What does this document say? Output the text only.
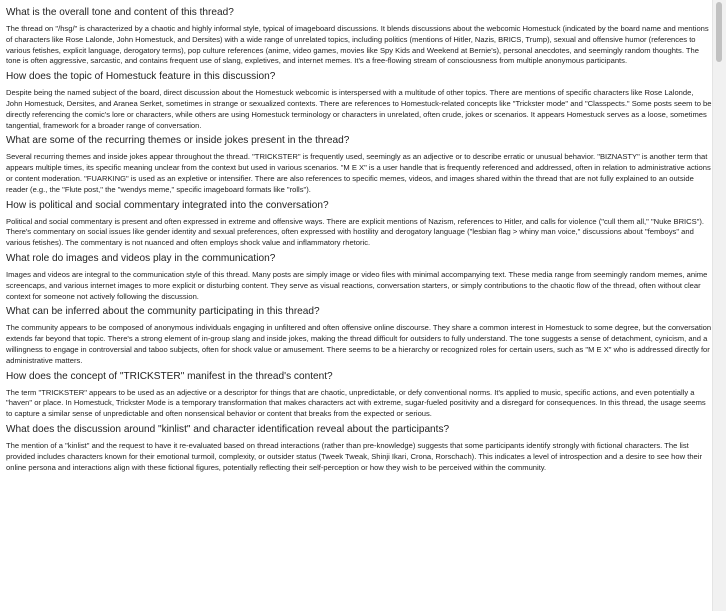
What is the overall tone and content of this thread?

The thread on "/hsg/" is characterized by a chaotic and highly informal style, typical of imageboard discussions. It blends discussions about the webcomic Homestuck (indicated by the board name and mentions of characters like Rose Lalonde, John Homestuck, and Dersites) with a wide range of unrelated topics, including politics (mentions of Hitler, Nazis, BRICS, Trump), sexual and offensive humor (references to various fetishes, explicit language, derogatory terms), pop culture references (anime, video games, movies like Spy Kids and Weekend at Bernie's), personal anecdotes, and seemingly random thoughts. The tone is often aggressive, sarcastic, and contains frequent use of slang, expletives, and internet memes. It's a free-flowing stream of consciousness from multiple anonymous participants.

How does the topic of Homestuck feature in this discussion?

Despite being the named subject of the board, direct discussion about the Homestuck webcomic is interspersed with a multitude of other topics. There are mentions of specific characters like Rose Lalonde, John Homestuck, Dersites, and Aranea Serket, sometimes in strange or sexualized contexts. There are references to Homestuck-related concepts like "Trickster mode" and "Classpects." Some posts seem to be directly referencing the comic's lore or characters, while others are using Homestuck terminology or characters in unrelated, often crude, jokes or scenarios. It appears Homestuck serves as a loose, sometimes tangential, framework for a broader range of conversation.

What are some of the recurring themes or inside jokes present in the thread?

Several recurring themes and inside jokes appear throughout the thread. "TRICKSTER" is frequently used, seemingly as an adjective or to describe erratic or unusual behavior. "BIZNASTY" is another term that appears multiple times, its specific meaning unclear from the context but used in various scenarios. "M E X" is a user handle that is frequently referenced and addressed, often in relation to administrative actions or content moderation. "FUARKING" is used as an expletive or intensifier. There are also references to specific memes, videos, and images shared within the thread that are not fully explained to an outside reader (e.g., the "Flute post," the "wendys meme," specific imageboard formats like "rolls").

How is political and social commentary integrated into the conversation?

Political and social commentary is present and often expressed in extreme and offensive ways. There are explicit mentions of Nazism, references to Hitler, and calls for violence ("cull them all," "Nuke BRICS"). There's commentary on social issues like gender identity and sexual preferences, often expressed with hostility and derogatory language ("lesbian flag > whiny man voice," discussions about "femboys" and various fetishes). The commentary is not nuanced and often employs shock value and inflammatory rhetoric.

What role do images and videos play in the communication?

Images and videos are integral to the communication style of this thread. Many posts are simply image or video files with minimal accompanying text. These media range from seemingly random memes, anime screencaps, and various internet images to more explicit or disturbing content. They serve as visual reactions, conversation starters, or simply contributions to the chaotic flow of the thread, often without clear context for someone not actively following the discussion.

What can be inferred about the community participating in this thread?

The community appears to be composed of anonymous individuals engaging in unfiltered and often offensive online discourse. They share a common interest in Homestuck to some degree, but the conversation extends far beyond that topic. There's a strong element of in-group slang and inside jokes, making the thread difficult for outsiders to fully understand. The tone suggests a sense of detachment, cynicism, and a willingness to engage in controversial and taboo subjects, often for shock value or amusement. There seems to be a hierarchy or recognized roles for certain users, such as "M E X" who is addressed directly for administrative matters.

How does the concept of "TRICKSTER" manifest in the thread's content?

The term "TRICKSTER" appears to be used as an adjective or a descriptor for things that are chaotic, unpredictable, or defy conventional norms. It's applied to music, specific actions, and even potentially a "haven" or place. In Homestuck, Trickster Mode is a temporary transformation that makes characters act with extreme, sugar-fueled positivity and a disregard for consequences. In this thread, the usage seems to capture a similar sense of unpredictable and often nonsensical behavior or content that breaks from the expected or serious.

What does the discussion around "kinlist" and character identification reveal about the participants?

The mention of a "kinlist" and the request to have it re-evaluated based on thread interactions (rather than pre-knowledge) suggests that some participants identify strongly with fictional characters. The list provided includes characters known for their emotional turmoil, complexity, or outsider status (Tweek Tweak, Shinji Ikari, Crona, Rorschach). This indicates a level of introspection and a desire to see how their online persona and interactions align with these fictional figures, potentially reflecting their self-perception or how they wish to be perceived within the community.
